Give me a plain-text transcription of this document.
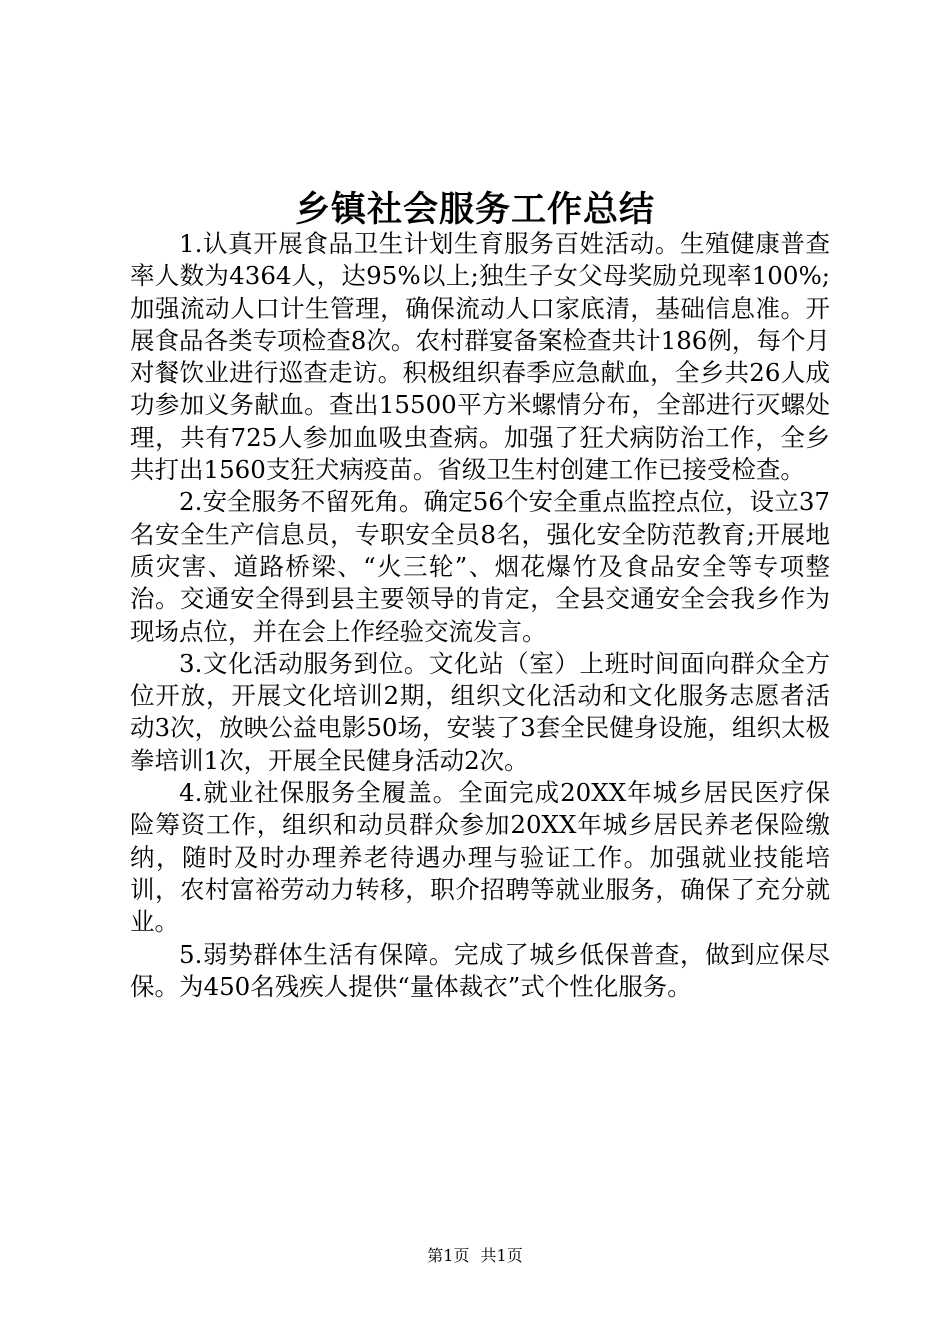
乡镇社会服务工作总结

1.认真开展食品卫生计划生育服务百姓活动。生殖健康普查率人数为4364人，达95%以上;独生子女父母奖励兑现率100%;加强流动人口计生管理，确保流动人口家底清，基础信息准。开展食品各类专项检查8次。农村群宴备案检查共计186例，每个月对餐饮业进行巡查走访。积极组织春季应急献血，全乡共26人成功参加义务献血。查出15500平方米螺情分布，全部进行灭螺处理，共有725人参加血吸虫查病。加强了狂犬病防治工作，全乡共打出1560支狂犬病疫苗。省级卫生村创建工作已接受检查。

2.安全服务不留死角。确定56个安全重点监控点位，设立37名安全生产信息员，专职安全员8名，强化安全防范教育;开展地质灾害、道路桥梁、“火三轮”、烟花爆竹及食品安全等专项整治。交通安全得到县主要领导的肯定，全县交通安全会我乡作为现场点位，并在会上作经验交流发言。

3.文化活动服务到位。文化站（室）上班时间面向群众全方位开放，开展文化培训2期，组织文化活动和文化服务志愿者活动3次，放映公益电影50场，安装了3套全民健身设施，组织太极拳培训1次，开展全民健身活动2次。

4.就业社保服务全履盖。全面完成20XX年城乡居民医疗保险筹资工作，组织和动员群众参加20XX年城乡居民养老保险缴纳，随时及时办理养老待遇办理与验证工作。加强就业技能培训，农村富裕劳动力转移，职介招聘等就业服务，确保了充分就业。

5.弱势群体生活有保障。完成了城乡低保普查，做到应保尽保。为450名残疾人提供“量体裁衣”式个性化服务。

第1页 共1页
